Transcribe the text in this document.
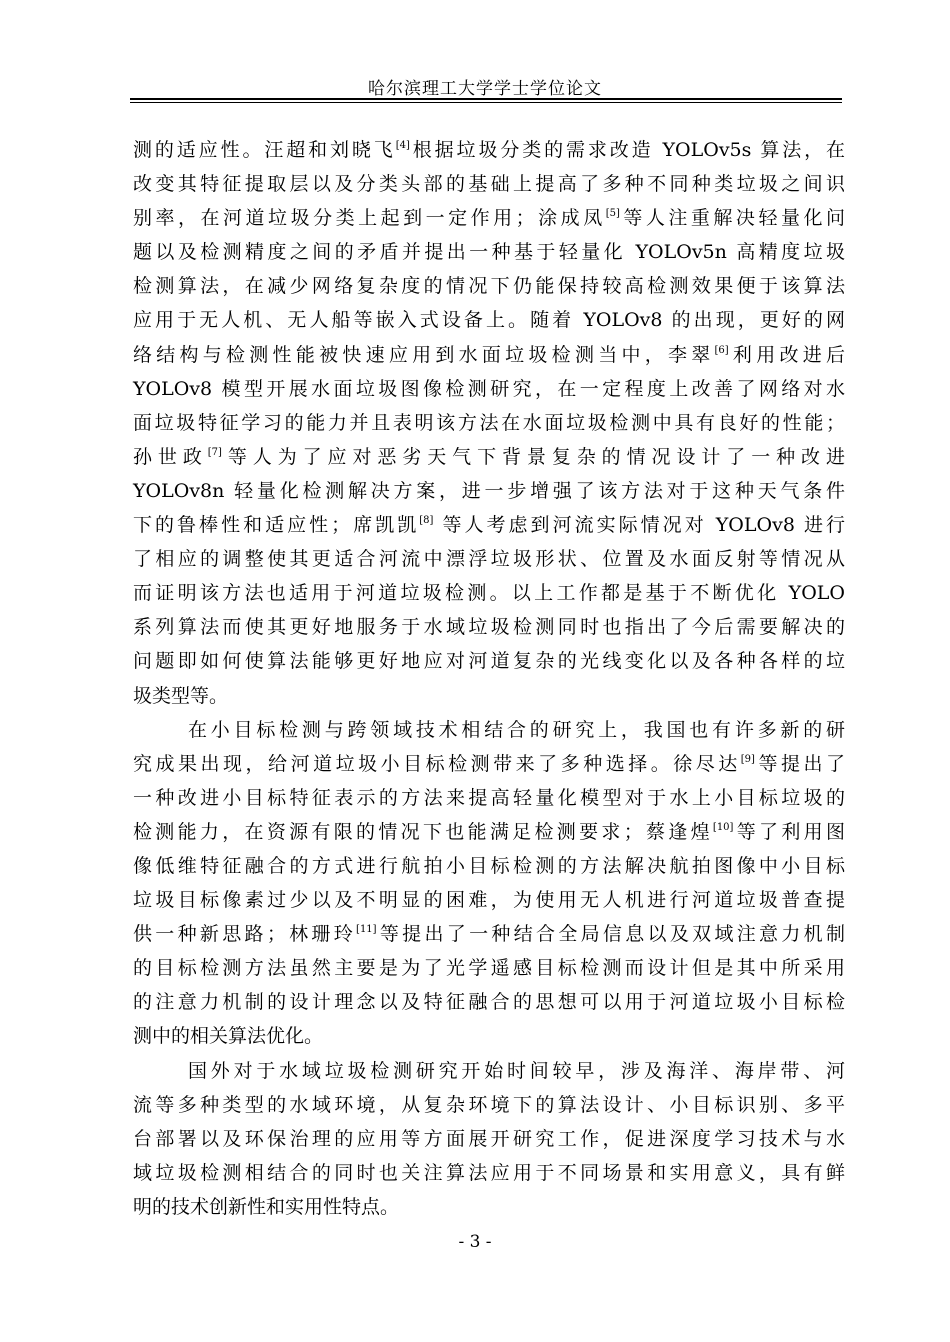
哈尔滨理工大学学士学位论文
测的适应性。汪超和刘晓飞[4]根据垃圾分类的需求改造 YOLOv5s 算法，在
改变其特征提取层以及分类头部的基础上提高了多种不同种类垃圾之间识
别率，在河道垃圾分类上起到一定作用；涂成凤[5]等人注重解决轻量化问
题以及检测精度之间的矛盾并提出一种基于轻量化 YOLOv5n 高精度垃圾
检测算法，在减少网络复杂度的情况下仍能保持较高检测效果便于该算法
应用于无人机、无人船等嵌入式设备上。随着 YOLOv8 的出现，更好的网
络结构与检测性能被快速应用到水面垃圾检测当中，李翠[6]利用改进后
YOLOv8 模型开展水面垃圾图像检测研究，在一定程度上改善了网络对水
面垃圾特征学习的能力并且表明该方法在水面垃圾检测中具有良好的性能；
孙世政[7]等人为了应对恶劣天气下背景复杂的情况设计了一种改进
YOLOv8n 轻量化检测解决方案，进一步增强了该方法对于这种天气条件
下的鲁棒性和适应性；席凯凯[8] 等人考虑到河流实际情况对 YOLOv8 进行
了相应的调整使其更适合河流中漂浮垃圾形状、位置及水面反射等情况从
而证明该方法也适用于河道垃圾检测。以上工作都是基于不断优化 YOLO
系列算法而使其更好地服务于水域垃圾检测同时也指出了今后需要解决的
问题即如何使算法能够更好地应对河道复杂的光线变化以及各种各样的垃
圾类型等。
在小目标检测与跨领域技术相结合的研究上，我国也有许多新的研
究成果出现，给河道垃圾小目标检测带来了多种选择。徐尽达[9]等提出了
一种改进小目标特征表示的方法来提高轻量化模型对于水上小目标垃圾的
检测能力，在资源有限的情况下也能满足检测要求；蔡逢煌[10]等了利用图
像低维特征融合的方式进行航拍小目标检测的方法解决航拍图像中小目标
垃圾目标像素过少以及不明显的困难，为使用无人机进行河道垃圾普查提
供一种新思路；林珊玲[11]等提出了一种结合全局信息以及双域注意力机制
的目标检测方法虽然主要是为了光学遥感目标检测而设计但是其中所采用
的注意力机制的设计理念以及特征融合的思想可以用于河道垃圾小目标检
测中的相关算法优化。
国外对于水域垃圾检测研究开始时间较早，涉及海洋、海岸带、河
流等多种类型的水域环境，从复杂环境下的算法设计、小目标识别、多平
台部署以及环保治理的应用等方面展开研究工作，促进深度学习技术与水
域垃圾检测相结合的同时也关注算法应用于不同场景和实用意义，具有鲜
明的技术创新性和实用性特点。
- 3 -
